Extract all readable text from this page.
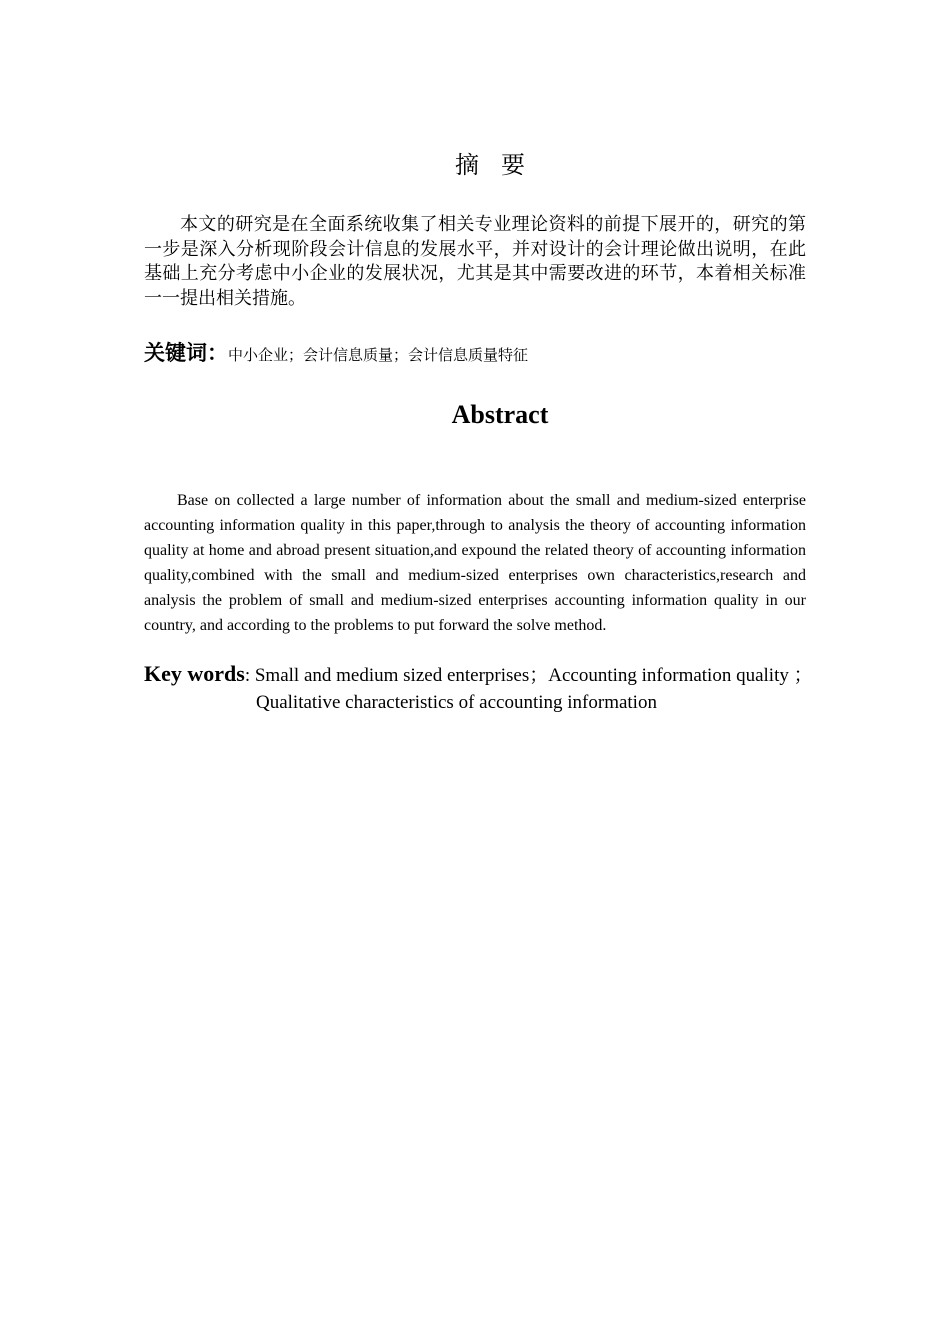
摘要

本文的研究是在全面系统收集了相关专业理论资料的前提下展开的，研究的第一步是深入分析现阶段会计信息的发展水平，并对设计的会计理论做出说明，在此基础上充分考虑中小企业的发展状况，尤其是其中需要改进的环节，本着相关标准一一提出相关措施。

关键词：中小企业；会计信息质量；会计信息质量特征

Abstract

Base on collected a large number of information about the small and medium-sized enterprise accounting information quality in this paper,through to analysis the theory of accounting information quality at home and abroad present situation,and expound the related theory of accounting information quality,combined with the small and medium-sized enterprises own characteristics,research and analysis the problem of small and medium-sized enterprises accounting information quality in our country, and according to the problems to put forward the solve method.

Key words: Small and medium sized enterprises；Accounting information quality ；
Qualitative characteristics of accounting information
